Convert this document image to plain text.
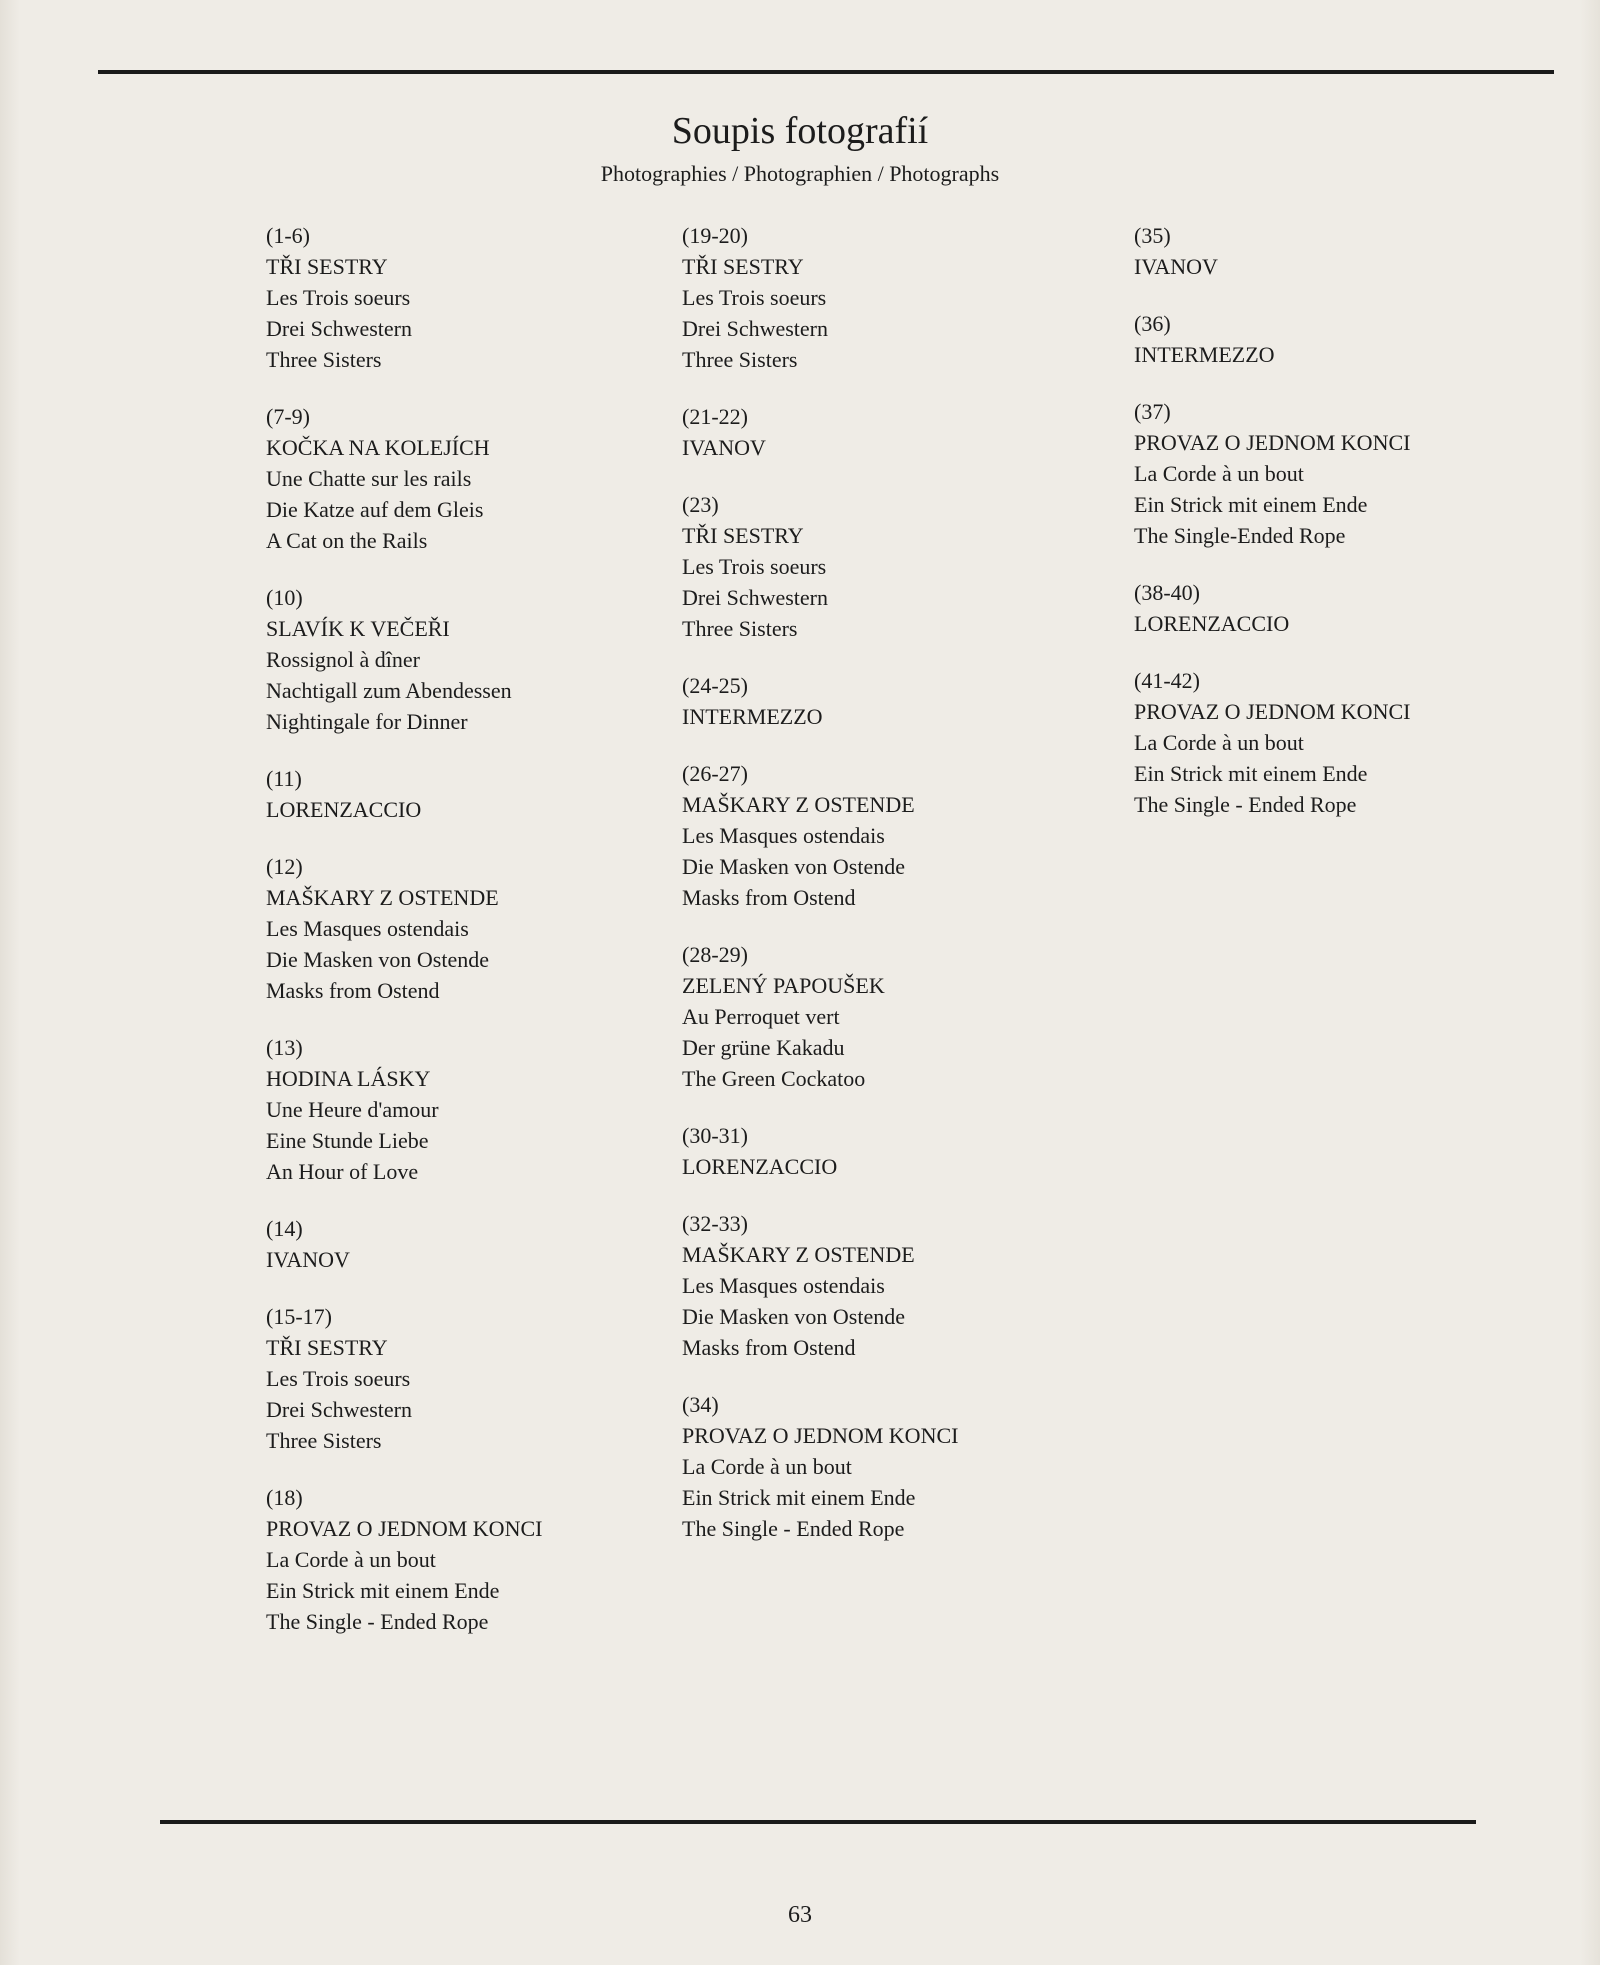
Soupis fotografií
Photographies / Photographien / Photographs
(1-6)
TŘI SESTRY
Les Trois soeurs
Drei Schwestern
Three Sisters
(7-9)
KOČKA NA KOLEJÍCH
Une Chatte sur les rails
Die Katze auf dem Gleis
A Cat on the Rails
(10)
SLAVÍK K VEČEŘI
Rossignol à dîner
Nachtigall zum Abendessen
Nightingale for Dinner
(11)
LORENZACCIO
(12)
MAŠKARY Z OSTENDE
Les Masques ostendais
Die Masken von Ostende
Masks from Ostend
(13)
HODINA LÁSKY
Une Heure d'amour
Eine Stunde Liebe
An Hour of Love
(14)
IVANOV
(15-17)
TŘI SESTRY
Les Trois soeurs
Drei Schwestern
Three Sisters
(18)
PROVAZ O JEDNOM KONCI
La Corde à un bout
Ein Strick mit einem Ende
The Single - Ended Rope
(19-20)
TŘI SESTRY
Les Trois soeurs
Drei Schwestern
Three Sisters
(21-22)
IVANOV
(23)
TŘI SESTRY
Les Trois soeurs
Drei Schwestern
Three Sisters
(24-25)
INTERMEZZO
(26-27)
MAŠKARY Z OSTENDE
Les Masques ostendais
Die Masken von Ostende
Masks from Ostend
(28-29)
ZELENÝ PAPOUŠEK
Au Perroquet vert
Der grüne Kakadu
The Green Cockatoo
(30-31)
LORENZACCIO
(32-33)
MAŠKARY Z OSTENDE
Les Masques ostendais
Die Masken von Ostende
Masks from Ostend
(34)
PROVAZ O JEDNOM KONCI
La Corde à un bout
Ein Strick mit einem Ende
The Single - Ended Rope
(35)
IVANOV
(36)
INTERMEZZO
(37)
PROVAZ O JEDNOM KONCI
La Corde à un bout
Ein Strick mit einem Ende
The Single-Ended Rope
(38-40)
LORENZACCIO
(41-42)
PROVAZ O JEDNOM KONCI
La Corde à un bout
Ein Strick mit einem Ende
The Single - Ended Rope
63
